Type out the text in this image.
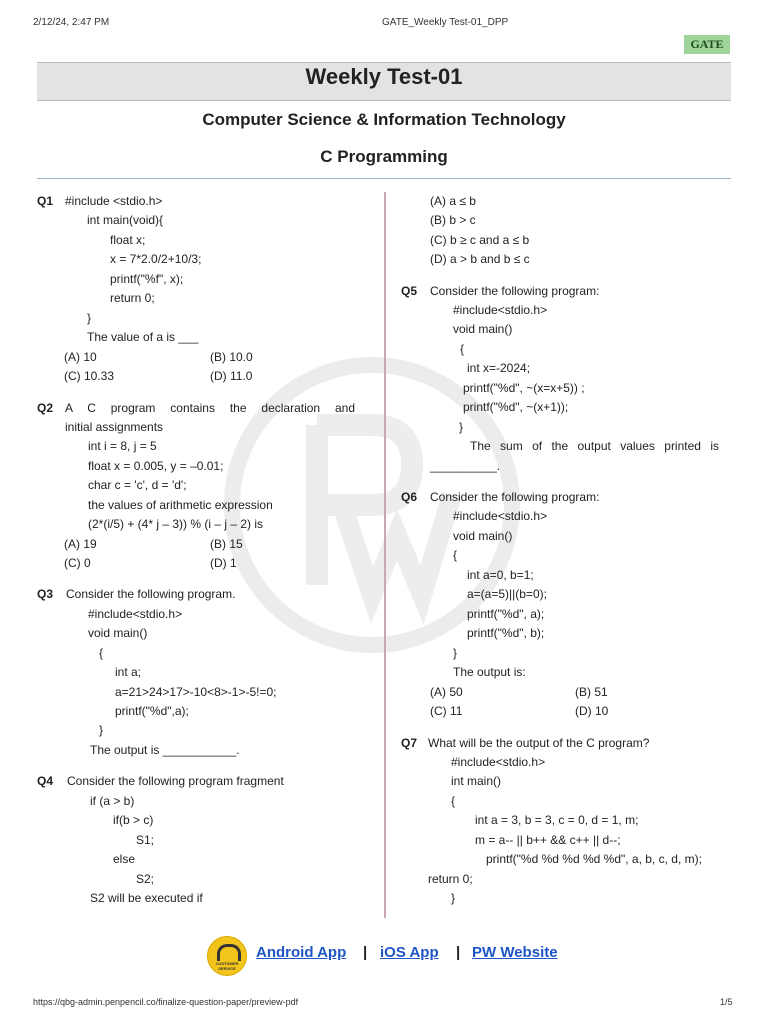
2/12/24, 2:47 PM	GATE_Weekly Test-01_DPP
GATE
Weekly Test-01
Computer Science & Information Technology
C Programming
Q1 #include <stdio.h>
int main(void){
float x;
x = 7*2.0/2+10/3;
printf("%f", x);
return 0;
}
The value of a is ___
(A) 10	(B) 10.0
(C) 10.33	(D) 11.0
Q2 A C program contains the declaration and
initial assignments
int i = 8, j = 5
float x = 0.005, y = –0.01;
char c = 'c', d = 'd';
the values of arithmetic expression
(2*(i/5) + (4* j – 3)) % (i – j – 2) is
(A) 19	(B) 15
(C) 0	(D) 1
Q3 Consider the following program.
#include<stdio.h>
void main()
{
int a;
a=21>24>17>-10<8>-1>-5!=0;
printf("%d",a);
}
The output is ___________.
Q4 Consider the following program fragment
if (a > b)
if(b > c)
S1;
else
S2;
S2 will be executed if
(A) a ≤ b
(B) b > c
(C) b ≥ c and a ≤ b
(D) a > b and b ≤ c
Q5 Consider the following program:
#include<stdio.h>
void main()
{
int x=-2024;
printf("%d", ~(x=x+5)) ;
printf("%d", ~(x+1));
}
The sum of the output values printed is
__________.
Q6 Consider the following program:
#include<stdio.h>
void main()
{
int a=0, b=1;
a=(a=5)||(b=0);
printf("%d", a);
printf("%d", b);
}
The output is:
(A) 50	(B) 51
(C) 11	(D) 10
Q7 What will be the output of the C program?
#include<stdio.h>
int main()
{
int a = 3, b = 3, c = 0, d = 1, m;
m = a-- || b++ && c++ || d--;
printf("%d %d %d %d %d", a, b, c, d, m);
return 0;
}
CUSTOMER
SERVICE
Android App | iOS App | PW Website
https://qbg-admin.penpencil.co/finalize-question-paper/preview-pdf	1/5
